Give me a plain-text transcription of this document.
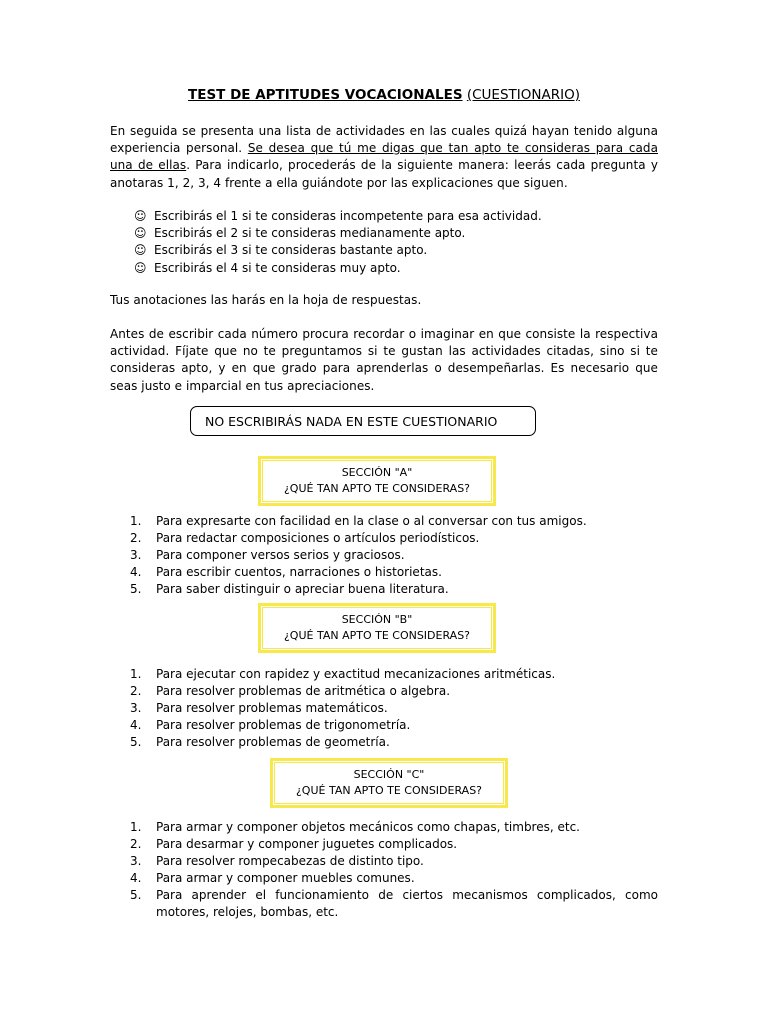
TEST DE APTITUDES VOCACIONALES (CUESTIONARIO)
En seguida se presenta una lista de actividades en las cuales quizá hayan tenido alguna experiencia personal. Se desea que tú me digas que tan apto te consideras para cada una de ellas. Para indicarlo, procederás de la siguiente manera: leerás cada pregunta y anotaras 1, 2, 3, 4 frente a ella guiándote por las explicaciones que siguen.
☺ Escribirás el 1 si te consideras incompetente para esa actividad.
☺ Escribirás el 2 si te consideras medianamente apto.
☺ Escribirás el 3 si te consideras bastante apto.
☺ Escribirás el 4 si te consideras muy apto.
Tus anotaciones las harás en la hoja de respuestas.
Antes de escribir cada número procura recordar o imaginar en que consiste la respectiva actividad. Fíjate que no te preguntamos si te gustan las actividades citadas, sino si te consideras apto, y en que grado para aprenderlas o desempeñarlas. Es necesario que seas justo e imparcial en tus apreciaciones.
NO ESCRIBIRÁS NADA EN ESTE CUESTIONARIO
SECCIÓN "A"
¿QUÉ TAN APTO TE CONSIDERAS?
1.	Para expresarte con facilidad en la clase o al conversar con tus amigos.
2.	Para redactar composiciones o artículos periodísticos.
3.	Para componer versos serios y graciosos.
4.	Para escribir cuentos, narraciones o historietas.
5.	Para saber distinguir o apreciar buena literatura.
SECCIÓN "B"
¿QUÉ TAN APTO TE CONSIDERAS?
1.	Para ejecutar con rapidez y exactitud mecanizaciones aritméticas.
2.	Para resolver problemas de aritmética o algebra.
3.	Para resolver problemas matemáticos.
4.	Para resolver problemas de trigonometría.
5.	Para resolver problemas de geometría.
SECCIÓN "C"
¿QUÉ TAN APTO TE CONSIDERAS?
1.	Para armar y componer objetos mecánicos como chapas, timbres, etc.
2.	Para desarmar y componer juguetes complicados.
3.	Para resolver rompecabezas de distinto tipo.
4.	Para armar y componer muebles comunes.
5.	Para aprender el funcionamiento de ciertos mecanismos complicados, como motores, relojes, bombas, etc.
